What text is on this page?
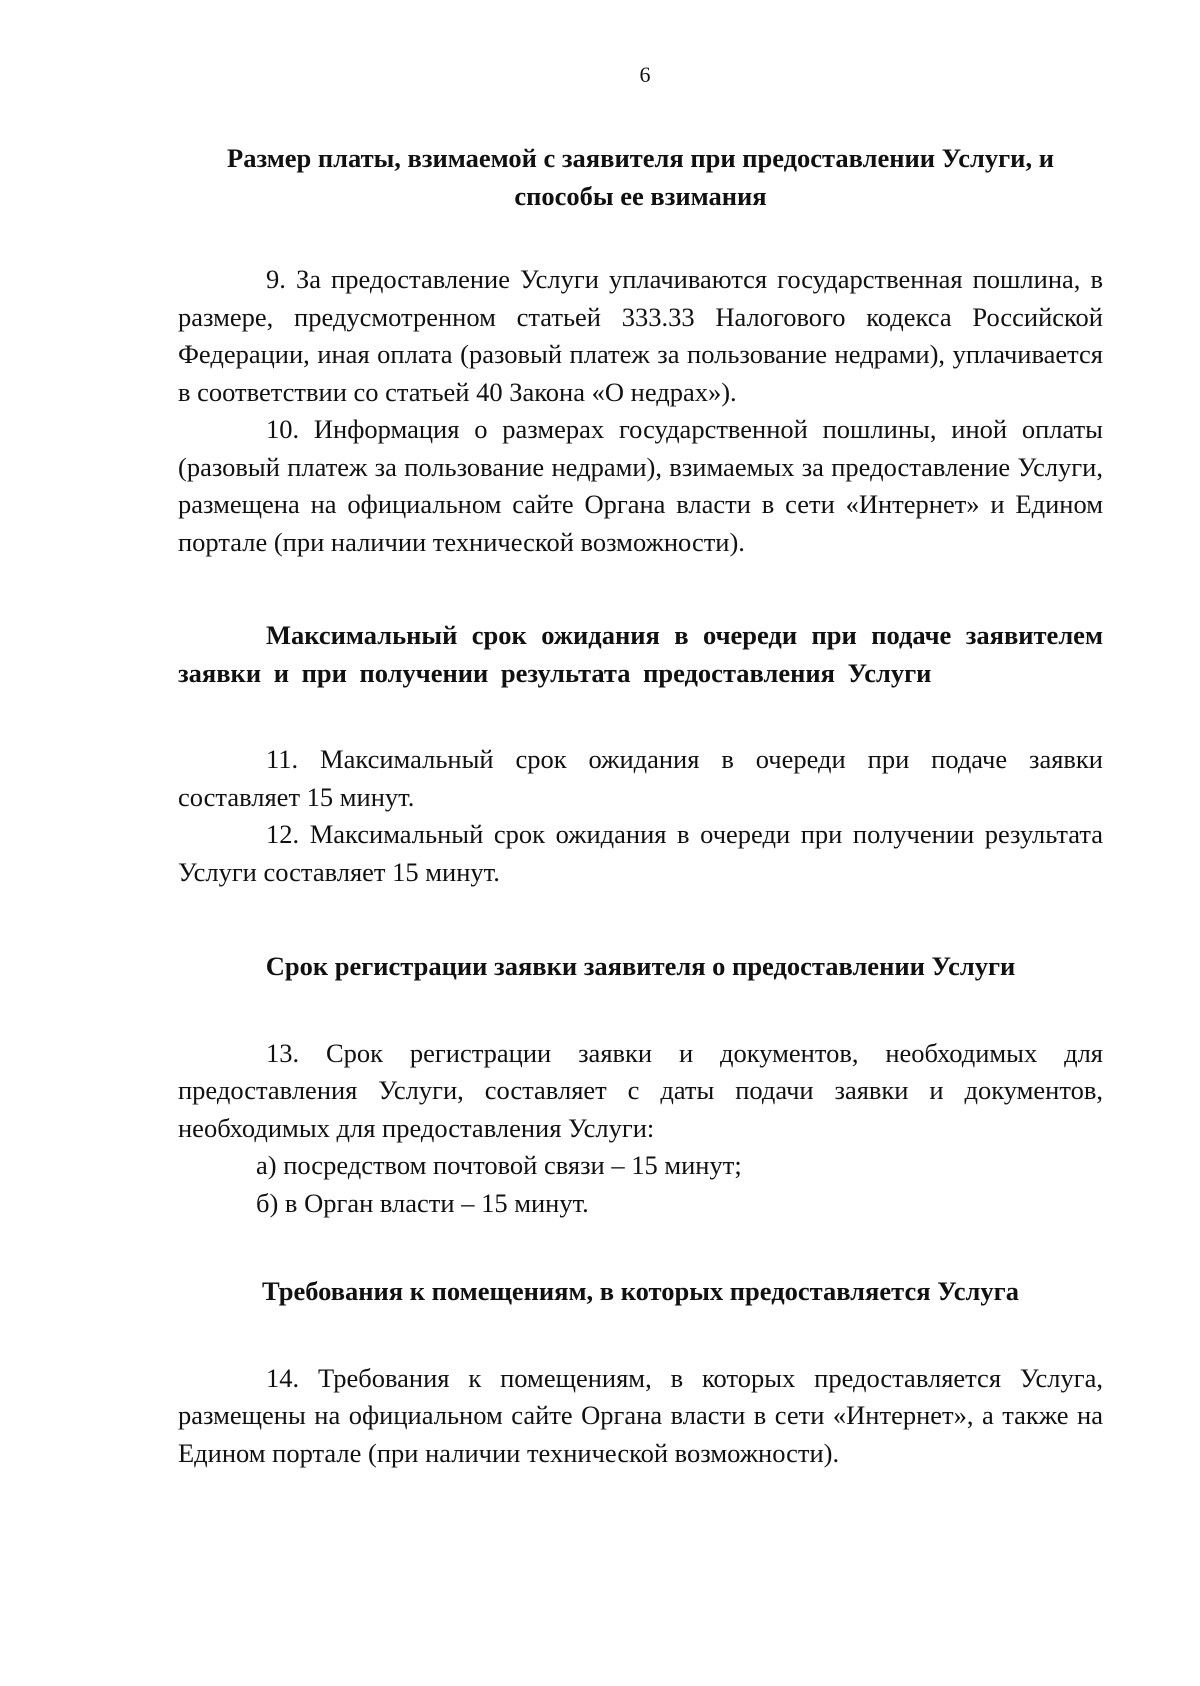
6

Размер платы, взимаемой с заявителя при предоставлении Услуги, и способы ее взимания

9. За предоставление Услуги уплачиваются государственная пошлина, в размере, предусмотренном статьей 333.33 Налогового кодекса Российской Федерации, иная оплата (разовый платеж за пользование недрами), уплачивается в соответствии со статьей 40 Закона «О недрах»).

10. Информация о размерах государственной пошлины, иной оплаты (разовый платеж за пользование недрами), взимаемых за предоставление Услуги, размещена на официальном сайте Органа власти в сети «Интернет» и Едином портале (при наличии технической возможности).

Максимальный срок ожидания в очереди при подаче заявителем заявки и при получении результата предоставления Услуги

11. Максимальный срок ожидания в очереди при подаче заявки составляет 15 минут.

12. Максимальный срок ожидания в очереди при получении результата Услуги составляет 15 минут.

Срок регистрации заявки заявителя о предоставлении Услуги

13. Срок регистрации заявки и документов, необходимых для предоставления Услуги, составляет с даты подачи заявки и документов, необходимых для предоставления Услуги:

а) посредством почтовой связи – 15 минут;

б) в Орган власти – 15 минут.

Требования к помещениям, в которых предоставляется Услуга

14. Требования к помещениям, в которых предоставляется Услуга, размещены на официальном сайте Органа власти в сети «Интернет», а также на Едином портале (при наличии технической возможности).
